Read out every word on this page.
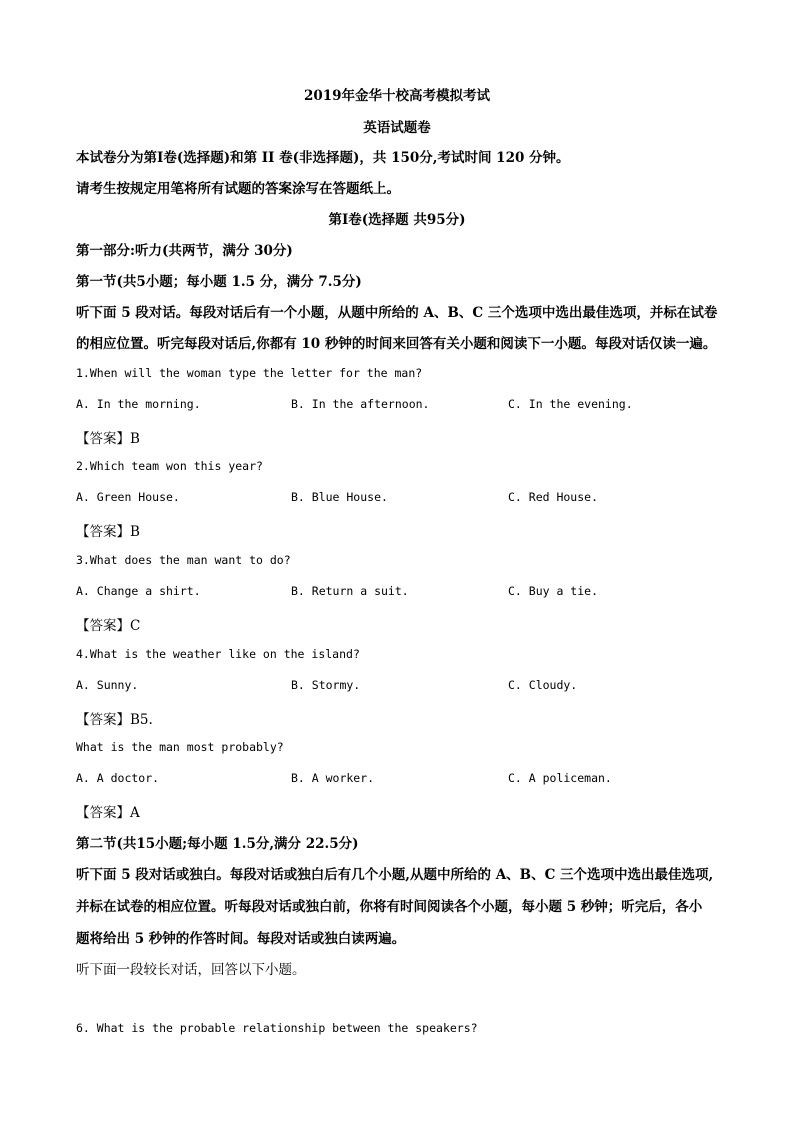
2019年金华十校高考模拟考试
英语试题卷
本试卷分为第Ⅰ卷(选择题)和第 II 卷(非选择题)，共 150分,考试时间 120 分钟。
请考生按规定用笔将所有试题的答案涂写在答题纸上。
第Ⅰ卷(选择题 共95分)
第一部分:听力(共两节，满分 30分)
第一节(共5小题；每小题 1.5 分，满分 7.5分)
听下面 5 段对话。每段对话后有一个小题，从题中所给的 A、B、C 三个选项中选出最佳选项，并标在试卷
的相应位置。听完每段对话后,你都有 10 秒钟的时间来回答有关小题和阅读下一小题。每段对话仅读一遍。
1.When will the woman type the letter for the man?
A. In the morning.	B. In the afternoon.	C. In the evening.
【答案】B
2.Which team won this year?
A. Green House.	B. Blue House.	C. Red House.
【答案】B
3.What does the man want to do?
A. Change a shirt.	B. Return a suit.	C. Buy a tie.
【答案】C
4.What is the weather like on the island?
A. Sunny.	B. Stormy.	C. Cloudy.
【答案】B5.
What is the man most probably?
A. A doctor.	B. A worker.	C. A policeman.
【答案】A
第二节(共15小题;每小题 1.5分,满分 22.5分)
听下面 5 段对话或独白。每段对话或独白后有几个小题,从题中所给的 A、B、C 三个选项中选出最佳选项,
并标在试卷的相应位置。听每段对话或独白前，你将有时间阅读各个小题，每小题 5 秒钟；听完后，各小
题将给出 5 秒钟的作答时间。每段对话或独白读两遍。
听下面一段较长对话，回答以下小题。
6. What is the probable relationship between the speakers?
